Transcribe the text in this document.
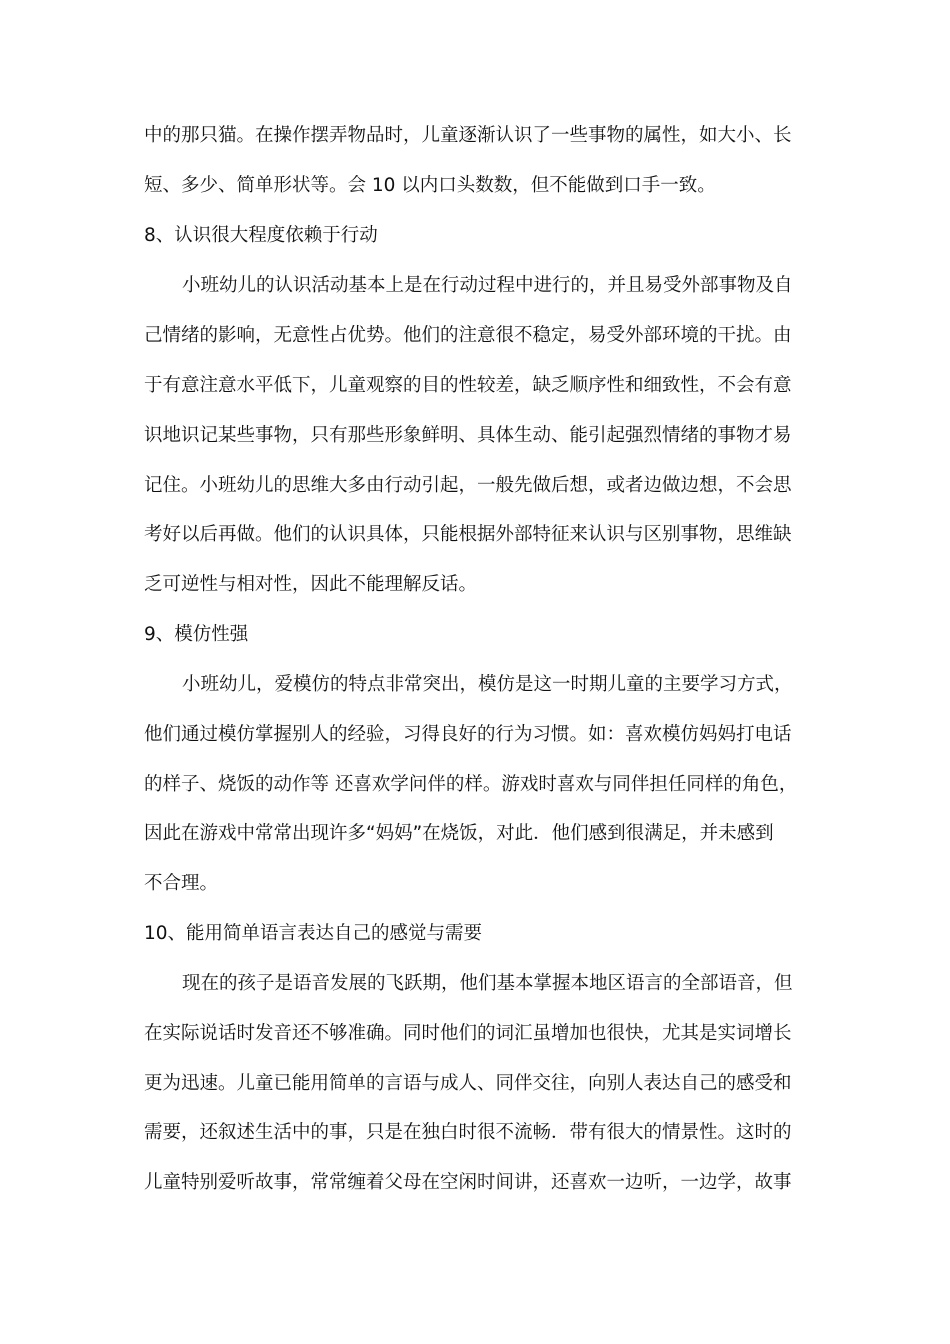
中的那只猫。在操作摆弄物品时，儿童逐渐认识了一些事物的属性，如大小、长

短、多少、简单形状等。会 10 以内口头数数，但不能做到口手一致。

8、认识很大程度依赖于行动

小班幼儿的认识活动基本上是在行动过程中进行的，并且易受外部事物及自

己情绪的影响，无意性占优势。他们的注意很不稳定，易受外部环境的干扰。由

于有意注意水平低下，儿童观察的目的性较差，缺乏顺序性和细致性，不会有意

识地识记某些事物，只有那些形象鲜明、具体生动、能引起强烈情绪的事物才易

记住。小班幼儿的思维大多由行动引起，一般先做后想，或者边做边想，不会思

考好以后再做。他们的认识具体，只能根据外部特征来认识与区别事物，思维缺

乏可逆性与相对性，因此不能理解反话。

9、模仿性强

小班幼儿，爱模仿的特点非常突出，模仿是这一时期儿童的主要学习方式，

他们通过模仿掌握别人的经验，习得良好的行为习惯。如：喜欢模仿妈妈打电话

的样子、烧饭的动作等 还喜欢学问伴的样。游戏时喜欢与同伴担任同样的角色，

因此在游戏中常常出现许多“妈妈”在烧饭，对此．他们感到很满足，并未感到

不合理。

10、能用简单语言表达自己的感觉与需要

现在的孩子是语音发展的飞跃期，他们基本掌握本地区语言的全部语音，但

在实际说话时发音还不够准确。同时他们的词汇虽增加也很快，尤其是实词增长

更为迅速。儿童已能用简单的言语与成人、同伴交往，向别人表达自己的感受和

需要，还叙述生活中的事，只是在独白时很不流畅．带有很大的情景性。这时的

儿童特别爱听故事，常常缠着父母在空闲时间讲，还喜欢一边听，一边学，故事
